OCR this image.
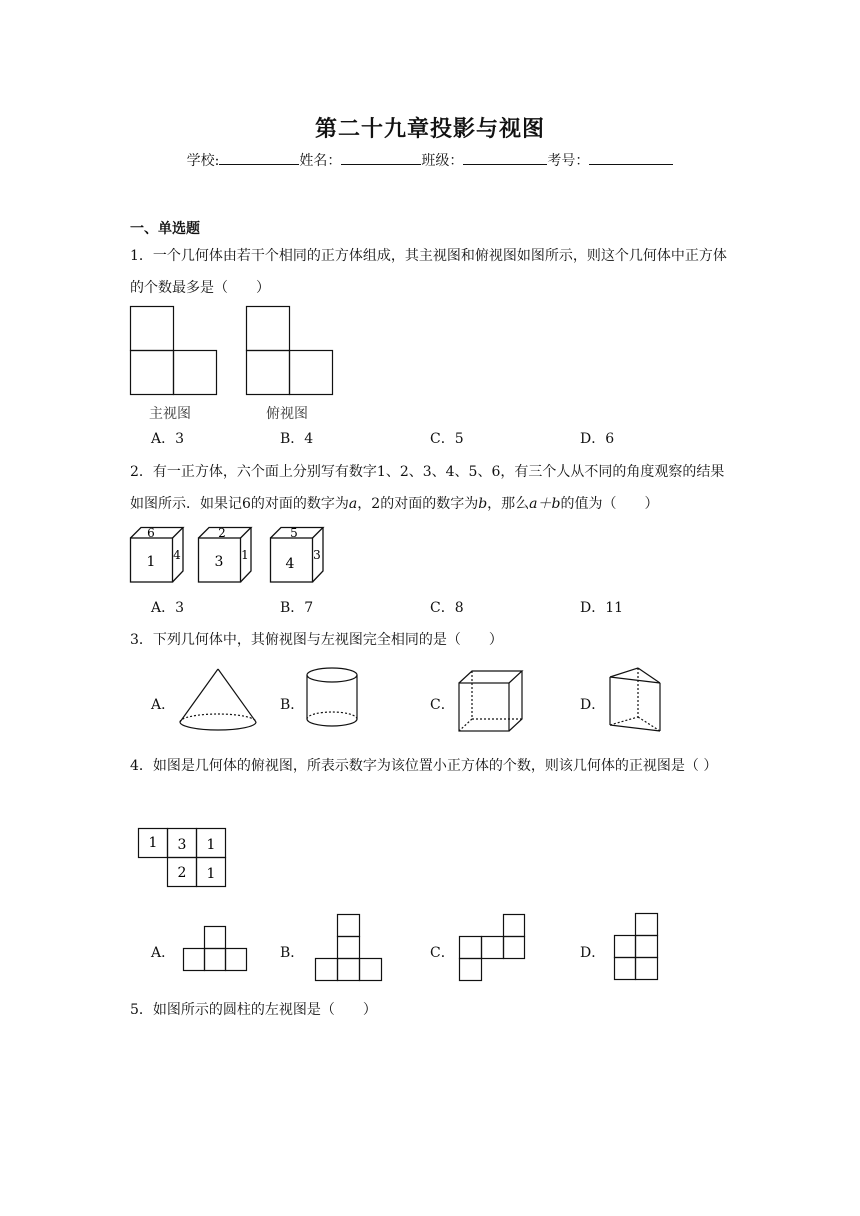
第二十九章投影与视图
学校:	姓名：	班级：	考号：
一、单选题
1．一个几何体由若干个相同的正方体组成，其主视图和俯视图如图所示，则这个几何体中正方体的个数最多是（　　）
主视图	俯视图
A．3	B．4	C．5	D．6
2．有一正方体，六个面上分别写有数字1、2、3、4、5、6，有三个人从不同的角度观察的结果如图所示．如果记6的对面的数字为a，2的对面的数字为b，那么a＋b的值为（　　）
6
1 4
2
3 1
5
4
3
A．3	B．7	C．8	D．11
3．下列几何体中，其俯视图与左视图完全相同的是（　　）
A．	B．	C．	D．
4．如图是几何体的俯视图，所表示数字为该位置小正方体的个数，则该几何体的正视图是（ ）
1 3 1
2 1
A．	B．	C．	D．
5．如图所示的圆柱的左视图是（　　）
